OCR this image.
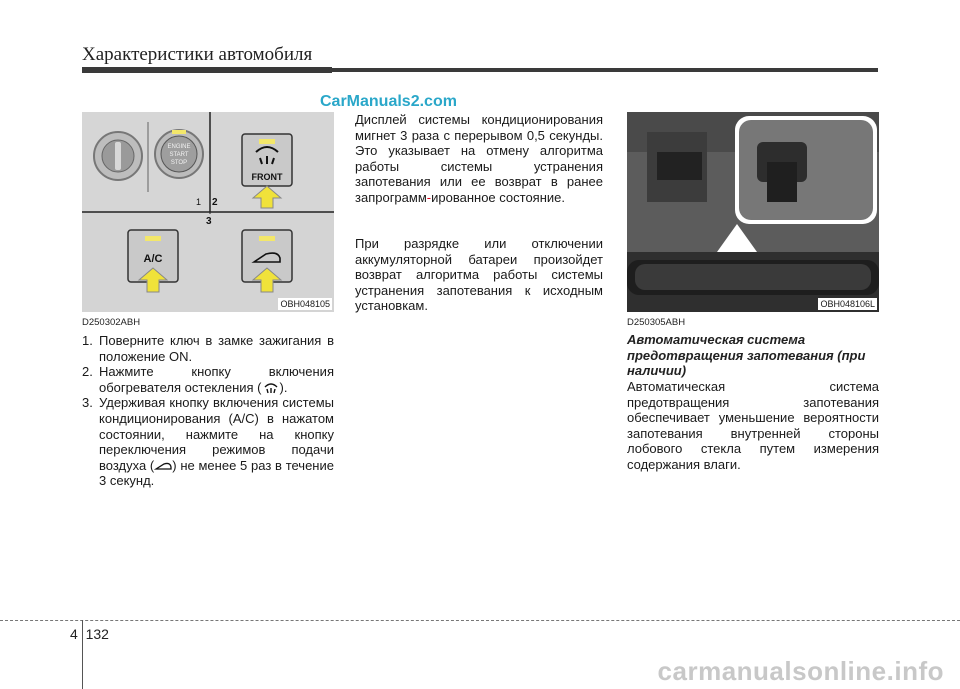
Характеристики автомобиля
CarManuals2.com
FRONT
1 2
3
A/C
ENGINE
START
STOP
OBH048105	OBH048106L
D250302ABH
1. Поверните ключ в замке зажигания в положение ON.
2. Нажмите кнопку включения обогревателя остекления ( ).
3. Удерживая кнопку включения системы кондиционирования (A/C) в нажатом состоянии, нажмите на кнопку переключения режимов подачи воздуха ( ) не менее 5 раз в течение 3 секунд.
Дисплей системы кондиционирования мигнет 3 раза с перерывом 0,5 секунды. Это указывает на отмену алгоритма работы системы устранения запотевания или ее возврат в ранее запрограмм-ированное состояние.
При разрядке или отключении аккумуляторной батареи произойдет возврат алгоритма работы системы устранения запотевания к исходным установкам.
D250305ABH
Автоматическая система предотвращения запотевания (при наличии)
Автоматическая система предотвращения запотевания обеспечивает уменьшение вероятности запотевания внутренней стороны лобового стекла путем измерения содержания влаги.
4 132
carmanualsonline.info
